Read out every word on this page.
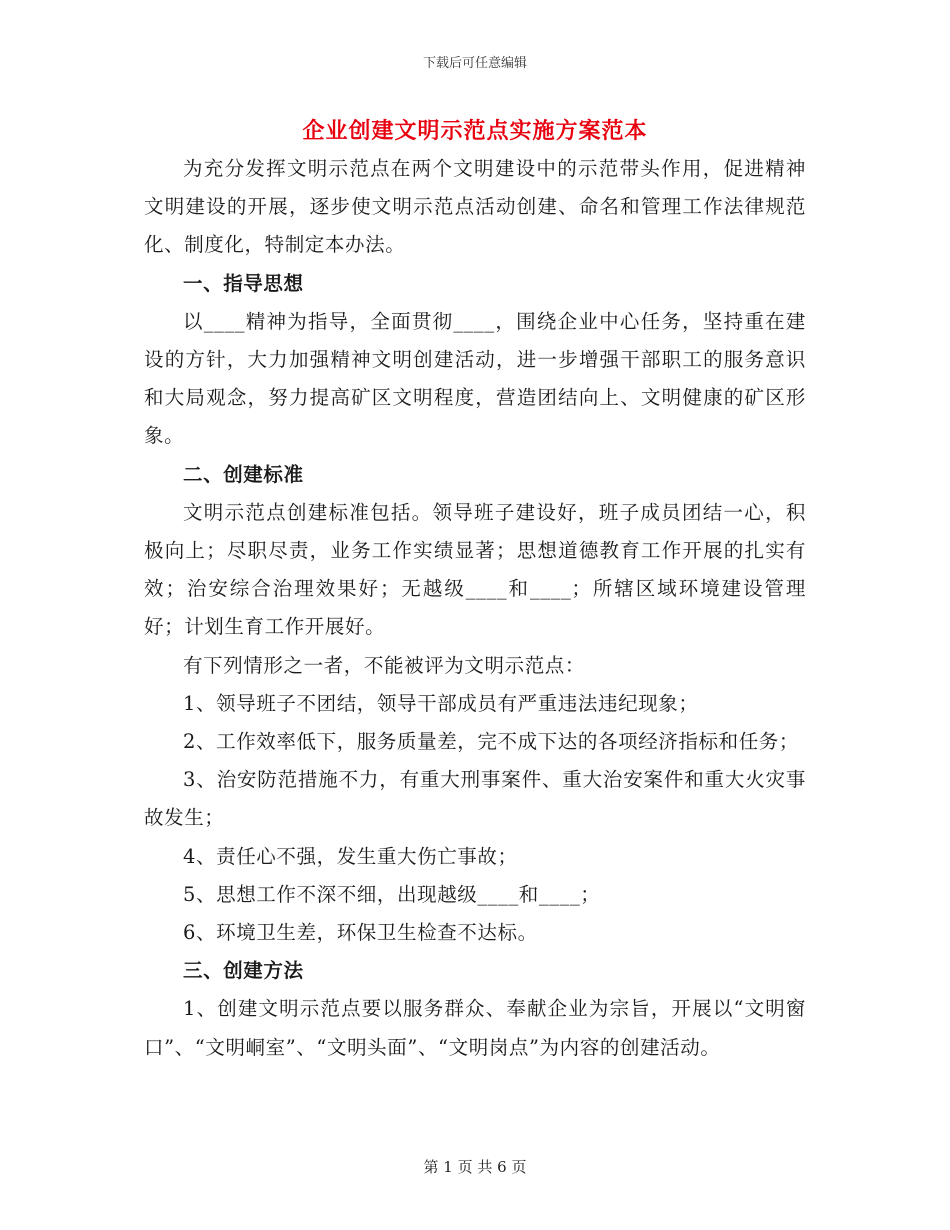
下载后可任意编辑
企业创建文明示范点实施方案范本

为充分发挥文明示范点在两个文明建设中的示范带头作用，促进精神文明建设的开展，逐步使文明示范点活动创建、命名和管理工作法律规范化、制度化，特制定本办法。

一、指导思想

以____精神为指导，全面贯彻____，围绕企业中心任务，坚持重在建设的方针，大力加强精神文明创建活动，进一步增强干部职工的服务意识和大局观念，努力提高矿区文明程度，营造团结向上、文明健康的矿区形象。

二、创建标准

文明示范点创建标准包括。领导班子建设好，班子成员团结一心，积极向上；尽职尽责，业务工作实绩显著；思想道德教育工作开展的扎实有效；治安综合治理效果好；无越级____和____；所辖区域环境建设管理好；计划生育工作开展好。

有下列情形之一者，不能被评为文明示范点：

1、领导班子不团结，领导干部成员有严重违法违纪现象；

2、工作效率低下，服务质量差，完不成下达的各项经济指标和任务；

3、治安防范措施不力，有重大刑事案件、重大治安案件和重大火灾事故发生；

4、责任心不强，发生重大伤亡事故；

5、思想工作不深不细，出现越级____和____；

6、环境卫生差，环保卫生检查不达标。

三、创建方法

1、创建文明示范点要以服务群众、奉献企业为宗旨，开展以“文明窗口”、“文明峒室”、“文明头面”、“文明岗点”为内容的创建活动。

第 1 页 共 6 页
